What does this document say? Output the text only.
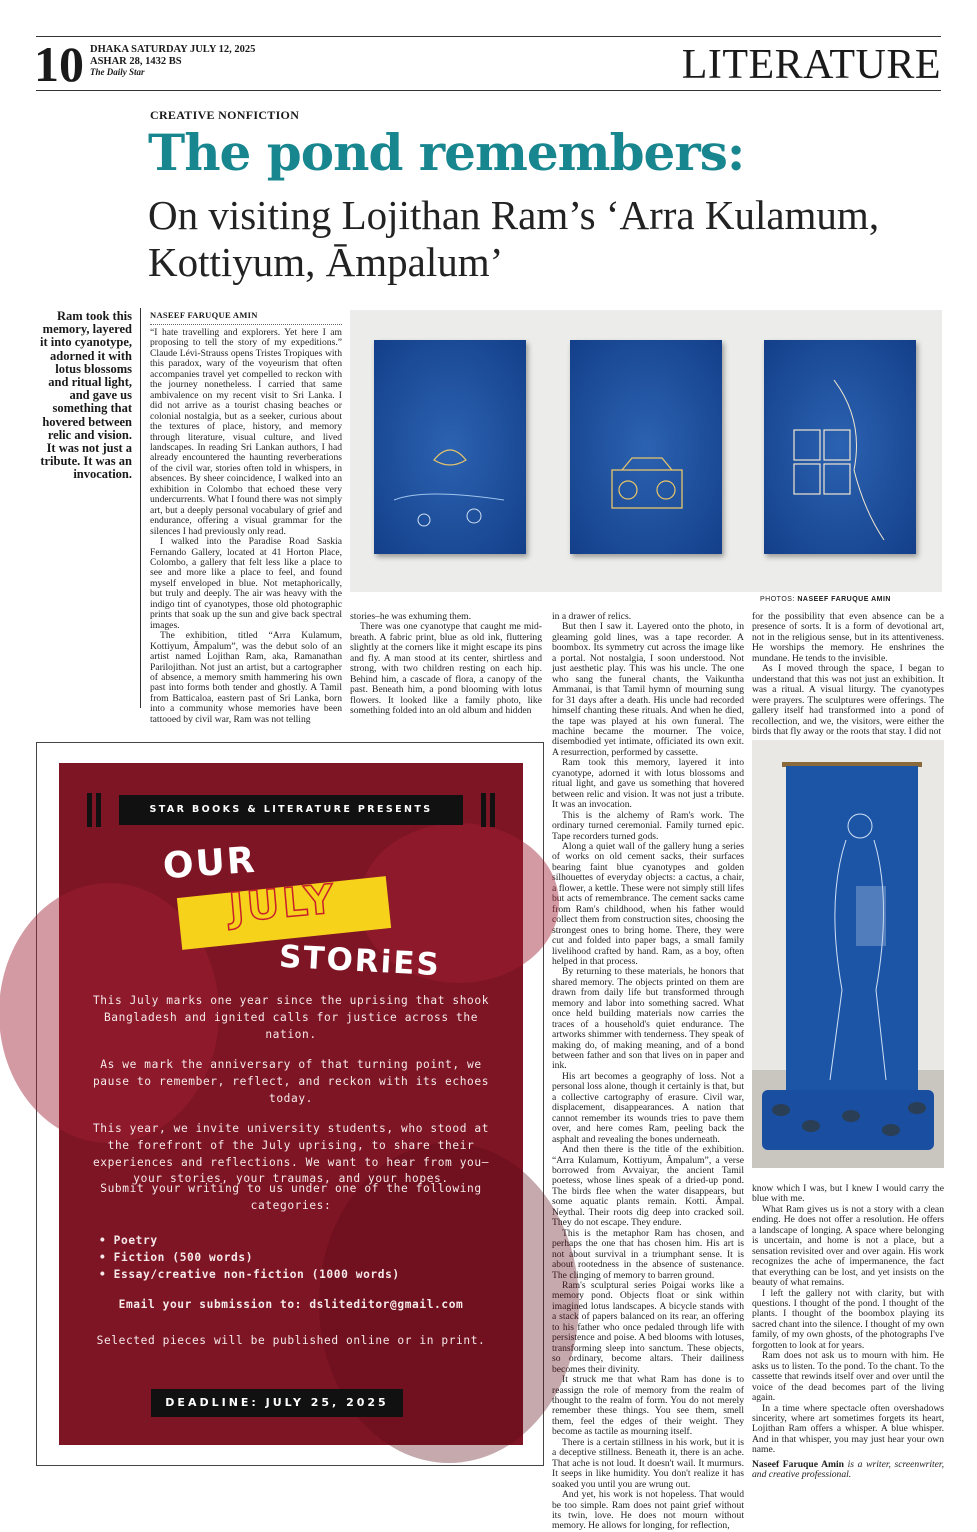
10 DHAKA SATURDAY JULY 12, 2025
ASHAR 28, 1432 BS
The Daily Star	LITERATURE
CREATIVE NONFICTION
The pond remembers:
On visiting Lojithan Ram’s ‘Arra Kulamum, Kottiyum, Āmpalum’
Ram took this memory, layered it into cyanotype, adorned it with lotus blossoms and ritual light, and gave us something that hovered between relic and vision. It was not just a tribute. It was an invocation.
NASEEF FARUQUE AMIN

“I hate travelling and explorers. Yet here I am proposing to tell the story of my expeditions.” Claude Lévi-Strauss opens Tristes Tropiques with this paradox, wary of the voyeurism that often accompanies travel yet compelled to reckon with the journey nonetheless. I carried that same ambivalence on my recent visit to Sri Lanka. I did not arrive as a tourist chasing beaches or colonial nostalgia, but as a seeker, curious about the textures of place, history, and memory through literature, visual culture, and lived landscapes. In reading Sri Lankan authors, I had already encountered the haunting reverberations of the civil war, stories often told in whispers, in absences. By sheer coincidence, I walked into an exhibition in Colombo that echoed these very undercurrents. What I found there was not simply art, but a deeply personal vocabulary of grief and endurance, offering a visual grammar for the silences I had previously only read.

I walked into the Paradise Road Saskia Fernando Gallery, located at 41 Horton Place, Colombo, a gallery that felt less like a place to see and more like a place to feel, and found myself enveloped in blue. Not metaphorically, but truly and deeply. The air was heavy with the indigo tint of cyanotypes, those old photographic prints that soak up the sun and give back spectral images.

The exhibition, titled “Arra Kulamum, Kottiyum, Āmpalum”, was the debut solo of an artist named Lojithan Ram, aka, Ramanathan Parilojithan. Not just an artist, but a cartographer of absence, a memory smith hammering his own past into forms both tender and ghostly. A Tamil from Batticaloa, eastern past of Sri Lanka, born into a community whose memories have been tattooed by civil war, Ram was not telling

PHOTOS: NASEEF FARUQUE AMIN

stories–he was exhuming them.

There was one cyanotype that caught me mid-breath. A fabric print, blue as old ink, fluttering slightly at the corners like it might escape its pins and fly. A man stood at its center, shirtless and strong, with two children resting on each hip. Behind him, a cascade of flora, a canopy of the past. Beneath him, a pond blooming with lotus flowers. It looked like a family photo, like something folded into an old album and hidden

in a drawer of relics.

But then I saw it. Layered onto the photo, in gleaming gold lines, was a tape recorder. A boombox. Its symmetry cut across the image like a portal. Not nostalgia, I soon understood. Not just aesthetic play. This was his uncle. The one who sang the funeral chants, the Vaikuntha Ammanai, is that Tamil hymn of mourning sung for 31 days after a death. His uncle had recorded himself chanting these rituals. And when he died, the tape was played at his own funeral. The machine became the mourner. The voice, disembodied yet intimate, officiated its own exit. A resurrection, performed by cassette.

Ram took this memory, layered it into cyanotype, adorned it with lotus blossoms and ritual light, and gave us something that hovered between relic and vision. It was not just a tribute. It was an invocation.

This is the alchemy of Ram's work. The ordinary turned ceremonial. Family turned epic. Tape recorders turned gods.

Along a quiet wall of the gallery hung a series of works on old cement sacks, their surfaces bearing faint blue cyanotypes and golden silhouettes of everyday objects: a cactus, a chair, a flower, a kettle. These were not simply still lifes but acts of remembrance. The cement sacks came from Ram's childhood, when his father would collect them from construction sites, choosing the strongest ones to bring home. There, they were cut and folded into paper bags, a small family livelihood crafted by hand. Ram, as a boy, often helped in that process.

By returning to these materials, he honors that shared memory. The objects printed on them are drawn from daily life but transformed through memory and labor into something sacred. What once held building materials now carries the traces of a household's quiet endurance. The artworks shimmer with tenderness. They speak of making do, of making meaning, and of a bond between father and son that lives on in paper and ink.

His art becomes a geography of loss. Not a personal loss alone, though it certainly is that, but a collective cartography of erasure. Civil war, displacement, disappearances. A nation that cannot remember its wounds tries to pave them over, and here comes Ram, peeling back the asphalt and revealing the bones underneath.

And then there is the title of the exhibition. “Arra Kulamum, Kottiyum, Āmpalum”, a verse borrowed from Avvaiyar, the ancient Tamil poetess, whose lines speak of a dried-up pond. The birds flee when the water disappears, but some aquatic plants remain. Kotti. Āmpal. Neythal. Their roots dig deep into cracked soil. They do not escape. They endure.

This is the metaphor Ram has chosen, and perhaps the one that has chosen him. His art is not about survival in a triumphant sense. It is about rootedness in the absence of sustenance. The clinging of memory to barren ground.

Ram's sculptural series Poigai works like a memory pond. Objects float or sink within imagined lotus landscapes. A bicycle stands with a stack of papers balanced on its rear, an offering to his father who once pedaled through life with persistence and poise. A bed blooms with lotuses, transforming sleep into sanctum. These objects, so ordinary, become altars. Their dailiness becomes their divinity.

It struck me that what Ram has done is to reassign the role of memory from the realm of thought to the realm of form. You do not merely remember these things. You see them, smell them, feel the edges of their weight. They become as tactile as mourning itself.

There is a certain stillness in his work, but it is a deceptive stillness. Beneath it, there is an ache. That ache is not loud. It doesn't wail. It murmurs. It seeps in like humidity. You don't realize it has soaked you until you are wrung out.

And yet, his work is not hopeless. That would be too simple. Ram does not paint grief without its twin, love. He does not mourn without memory. He allows for longing, for reflection,

for the possibility that even absence can be a presence of sorts. It is a form of devotional art, not in the religious sense, but in its attentiveness. He worships the memory. He enshrines the mundane. He tends to the invisible.

As I moved through the space, I began to understand that this was not just an exhibition. It was a ritual. A visual liturgy. The cyanotypes were prayers. The sculptures were offerings. The gallery itself had transformed into a pond of recollection, and we, the visitors, were either the birds that fly away or the roots that stay. I did not

know which I was, but I knew I would carry the blue with me.

What Ram gives us is not a story with a clean ending. He does not offer a resolution. He offers a landscape of longing. A space where belonging is uncertain, and home is not a place, but a sensation revisited over and over again. His work recognizes the ache of impermanence, the fact that everything can be lost, and yet insists on the beauty of what remains.

I left the gallery not with clarity, but with questions. I thought of the pond. I thought of the plants. I thought of the boombox playing its sacred chant into the silence. I thought of my own family, of my own ghosts, of the photographs I've forgotten to look at for years.

Ram does not ask us to mourn with him. He asks us to listen. To the pond. To the chant. To the cassette that rewinds itself over and over until the voice of the dead becomes part of the living again.

In a time where spectacle often overshadows sincerity, where art sometimes forgets its heart, Lojithan Ram offers a whisper. A blue whisper. And in that whisper, you may just hear your own name.

Naseef Faruque Amin is a writer, screenwriter, and creative professional.

STAR BOOKS & LITERATURE PRESENTS
OUR
JULY
STORiES
This July marks one year since the uprising that shook Bangladesh and ignited calls for justice across the nation.
As we mark the anniversary of that turning point, we pause to remember, reflect, and reckon with its echoes today.
This year, we invite university students, who stood at the forefront of the July uprising, to share their experiences and reflections. We want to hear from you—your stories, your traumas, and your hopes.
Submit your writing to us under one of the following categories:
• Poetry
• Fiction (500 words)
• Essay/creative non-fiction (1000 words)
Email your submission to: dsliteditor@gmail.com
Selected pieces will be published online or in print.
DEADLINE: JULY 25, 2025
